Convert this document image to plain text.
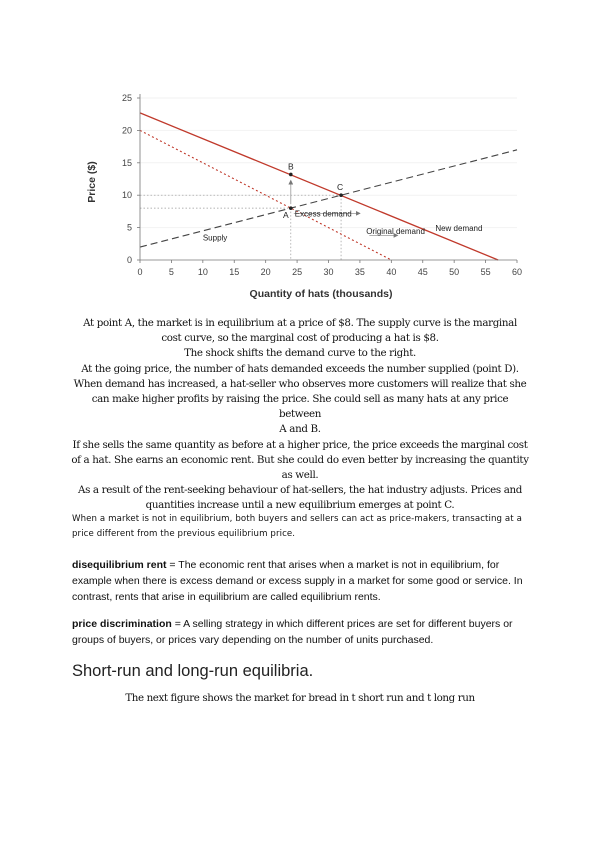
0	5	10 15 20 25 30 35 40 45 50 55 60
0
5
10
15
20
25
A
B
C
Excess demand
Supply
Original demand New demand
Quantity of hats (thousands)
Price ($)

At point A, the market is in equilibrium at a price of $8. The supply curve is the marginal

cost curve, so the marginal cost of producing a hat is $8.

The shock shifts the demand curve to the right.

At the going price, the number of hats demanded exceeds the number supplied (point D).

When demand has increased, a hat-seller who observes more customers will realize that she

can make higher profits by raising the price. She could sell as many hats at any price between

A and B.

If she sells the same quantity as before at a higher price, the price exceeds the marginal cost

of a hat. She earns an economic rent. But she could do even better by increasing the quantity

as well.

As a result of the rent-seeking behaviour of hat-sellers, the hat industry adjusts. Prices and

quantities increase until a new equilibrium emerges at point C.

When a market is not in equilibrium, both buyers and sellers can act as price-makers, transacting at a price different from the previous equilibrium price.

disequilibrium rent = The economic rent that arises when a market is not in equilibrium, for example when there is excess demand or excess supply in a market for some good or service. In contrast, rents that arise in equilibrium are called equilibrium rents.

price discrimination = A selling strategy in which different prices are set for different buyers or groups of buyers, or prices vary depending on the number of units purchased.

Short-run and long-run equilibria.

The next figure shows the market for bread in t short run and t long run
